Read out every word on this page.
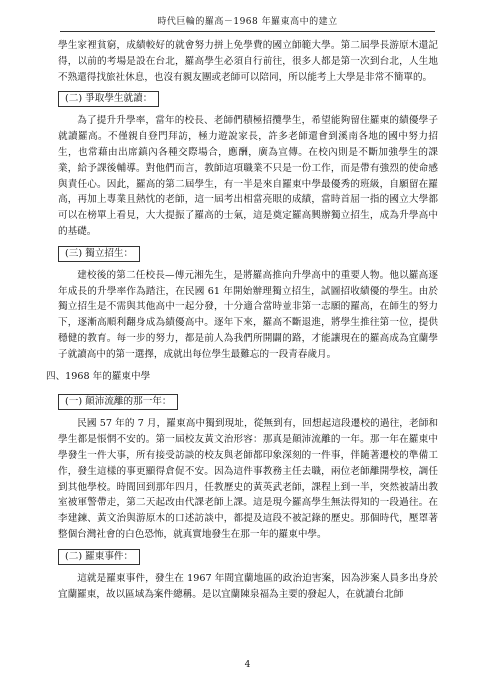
時代巨輪的羅高－1968 年羅東高中的建立

學生家裡貧窮，成績較好的就會努力拼上免學費的國立師範大學。第二屆學長游原木還記得，以前的考場是設在台北，羅高學生必須自行前往，很多人都是第一次到台北，人生地不熟還得找旅社休息，也沒有親友團或老師可以陪同，所以能考上大學是非常不簡單的。

(二) 爭取學生就讀：

為了提升升學率，當年的校長、老師們積極招攬學生，希望能夠留住羅東的績優學子就讀羅高。不僅親自登門拜訪，極力遊說家長，許多老師還會到溪南各地的國中努力招生，也常藉由出席鎮內各種交際場合，應酬，廣為宣傳。在校內則是不斷加強學生的課業，給予課後輔導。對他們而言，教師這項職業不只是一份工作，而是帶有強烈的使命感與責任心。因此，羅高的第二屆學生，有一半是來自羅東中學最優秀的班級，自願留在羅高，再加上專業且熱忱的老師，這一屆考出相當亮眼的成績，當時首屈一指的國立大學都可以在榜單上看見，大大提振了羅高的士氣，這是奠定羅高興辦獨立招生，成為升學高中的基礎。

(三) 獨立招生：

建校後的第二任校長—傅元湘先生，是將羅高推向升學高中的重要人物。他以羅高逐年成長的升學率作為踏注，在民國 61 年開始辦理獨立招生，試圖招收績優的學生。由於獨立招生是不需與其他高中一起分發，十分適合當時並非第一志願的羅高，在師生的努力下，逐漸高順利翻身成為績優高中。逐年下來，羅高不斷退進，將學生推往第一位，提供穩健的教育。每一步的努力，都是前人為我們所開闢的路，才能讓現在的羅高成為宜蘭學子就讀高中的第一選擇，成就出每位學生最難忘的一段青春歲月。

四、1968 年的羅東中學
(一) 顛沛流離的那一年：

民國 57 年的 7 月，羅東高中獨到現址，從無到有，回想起這段遷校的過往，老師和學生都是悵惘不安的。第一屆校友黃文治形容：那真是顛沛流離的一年。那一年在羅東中學發生一件大事，所有接受訪談的校友與老師都印象深刻的一件事，伴隨著遷校的準備工作，發生這樣的事更顯得倉促不安。因為這件事教務主任去職，兩位老師離開學校，調任到其他學校。時間回到那年四月，任教歷史的黃英武老師，課程上到一半，突然被請出教室被軍警帶走，第二天起改由代課老師上課。這是現今羅高學生無法得知的一段過往。在李建鍊、黃文治與游原木的口述訪談中，都提及這段不被記錄的歷史。那個時代，壓罩著整個台灣社會的白色恐怖，就真實地發生在那一年的羅東中學。

(二) 羅東事件：

這就是羅東事件，發生在 1967 年間宜蘭地區的政治迫害案，因為涉案人員多出身於宜蘭羅東，故以區域為案件總稱。是以宜蘭陳泉福為主要的發起人，在就讀台北師

4
